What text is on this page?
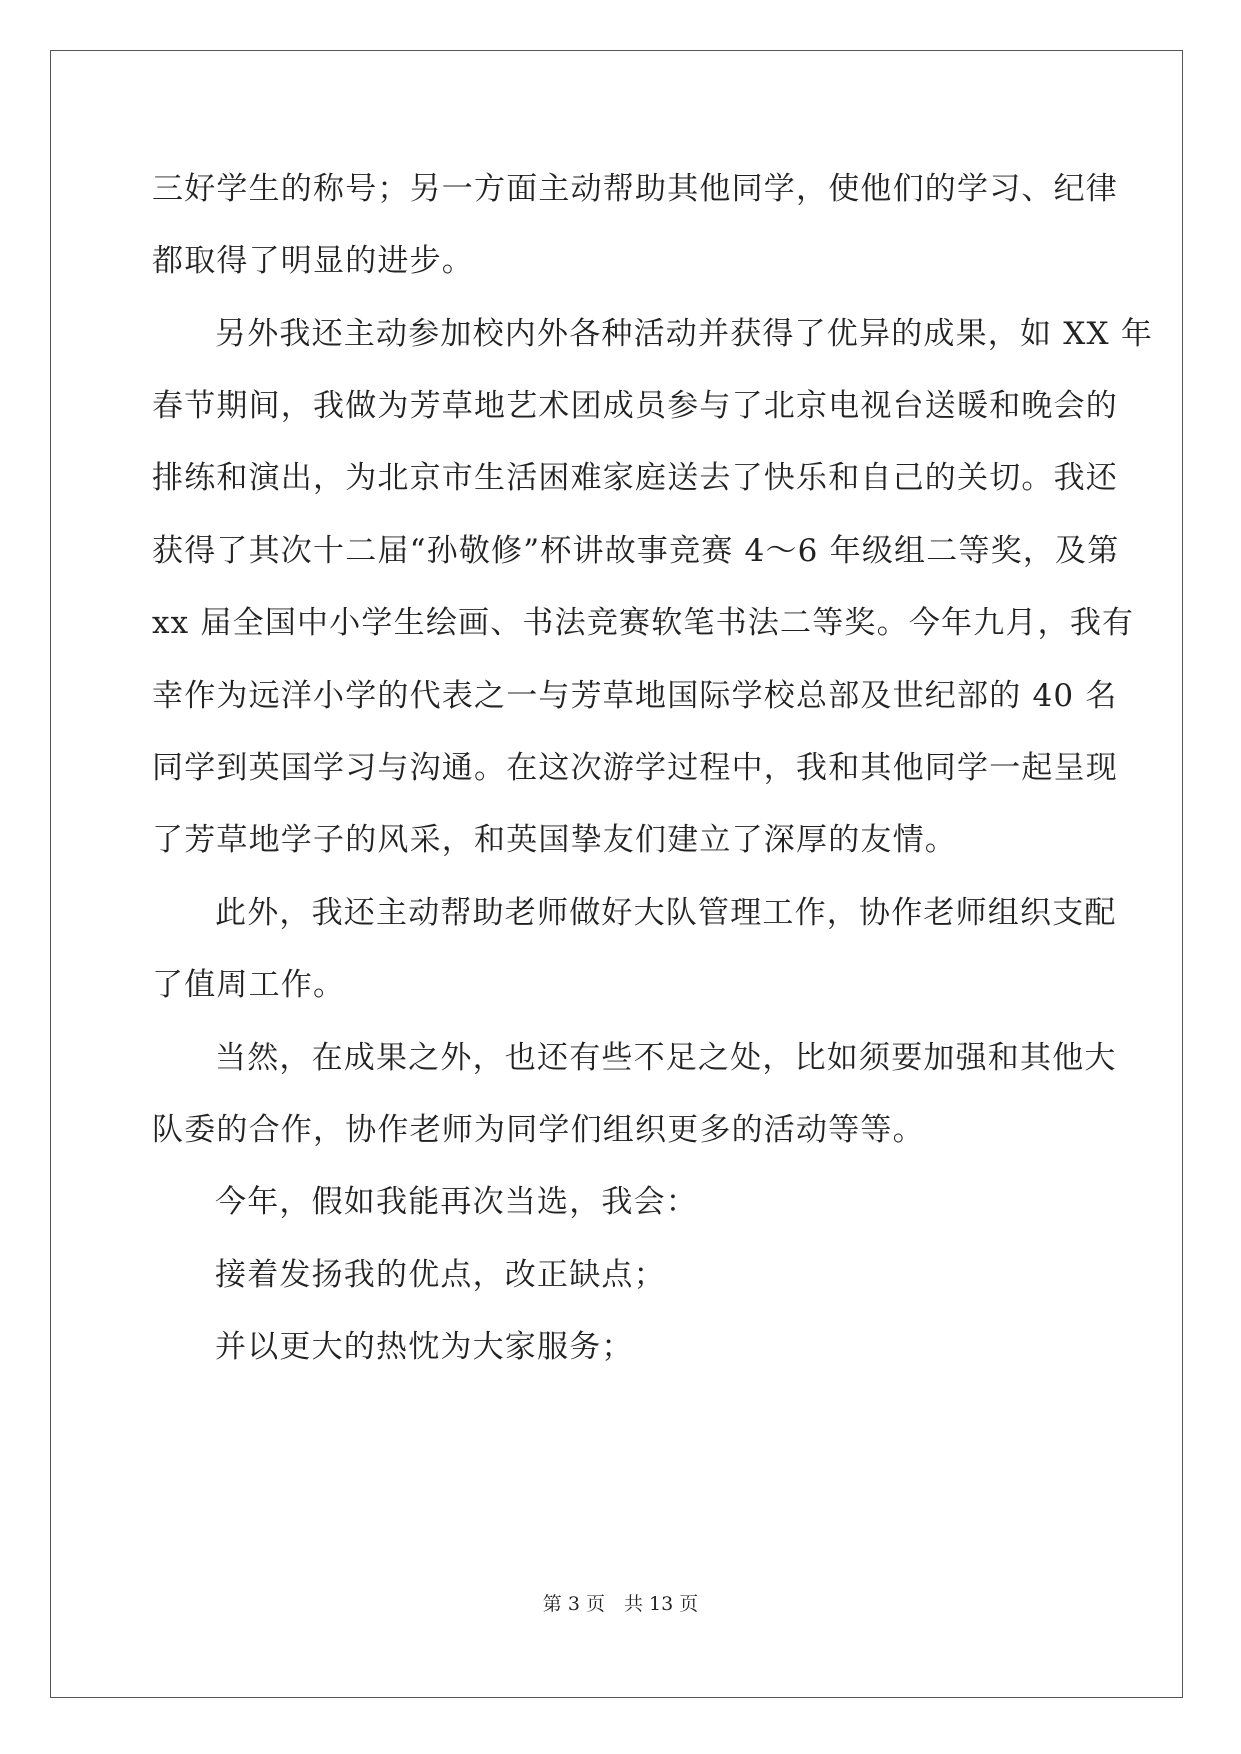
三好学生的称号；另一方面主动帮助其他同学，使他们的学习、纪律
都取得了明显的进步。
另外我还主动参加校内外各种活动并获得了优异的成果，如 XX 年
春节期间，我做为芳草地艺术团成员参与了北京电视台送暖和晚会的
排练和演出，为北京市生活困难家庭送去了快乐和自己的关切。我还
获得了其次十二届“孙敬修”杯讲故事竞赛 4～6 年级组二等奖，及第
xx 届全国中小学生绘画、书法竞赛软笔书法二等奖。今年九月，我有
幸作为远洋小学的代表之一与芳草地国际学校总部及世纪部的 40 名
同学到英国学习与沟通。在这次游学过程中，我和其他同学一起呈现
了芳草地学子的风采，和英国挚友们建立了深厚的友情。
此外，我还主动帮助老师做好大队管理工作，协作老师组织支配
了值周工作。
当然，在成果之外，也还有些不足之处，比如须要加强和其他大
队委的合作，协作老师为同学们组织更多的活动等等。
今年，假如我能再次当选，我会：
接着发扬我的优点，改正缺点；
并以更大的热忱为大家服务；
第 3 页　共 13 页
